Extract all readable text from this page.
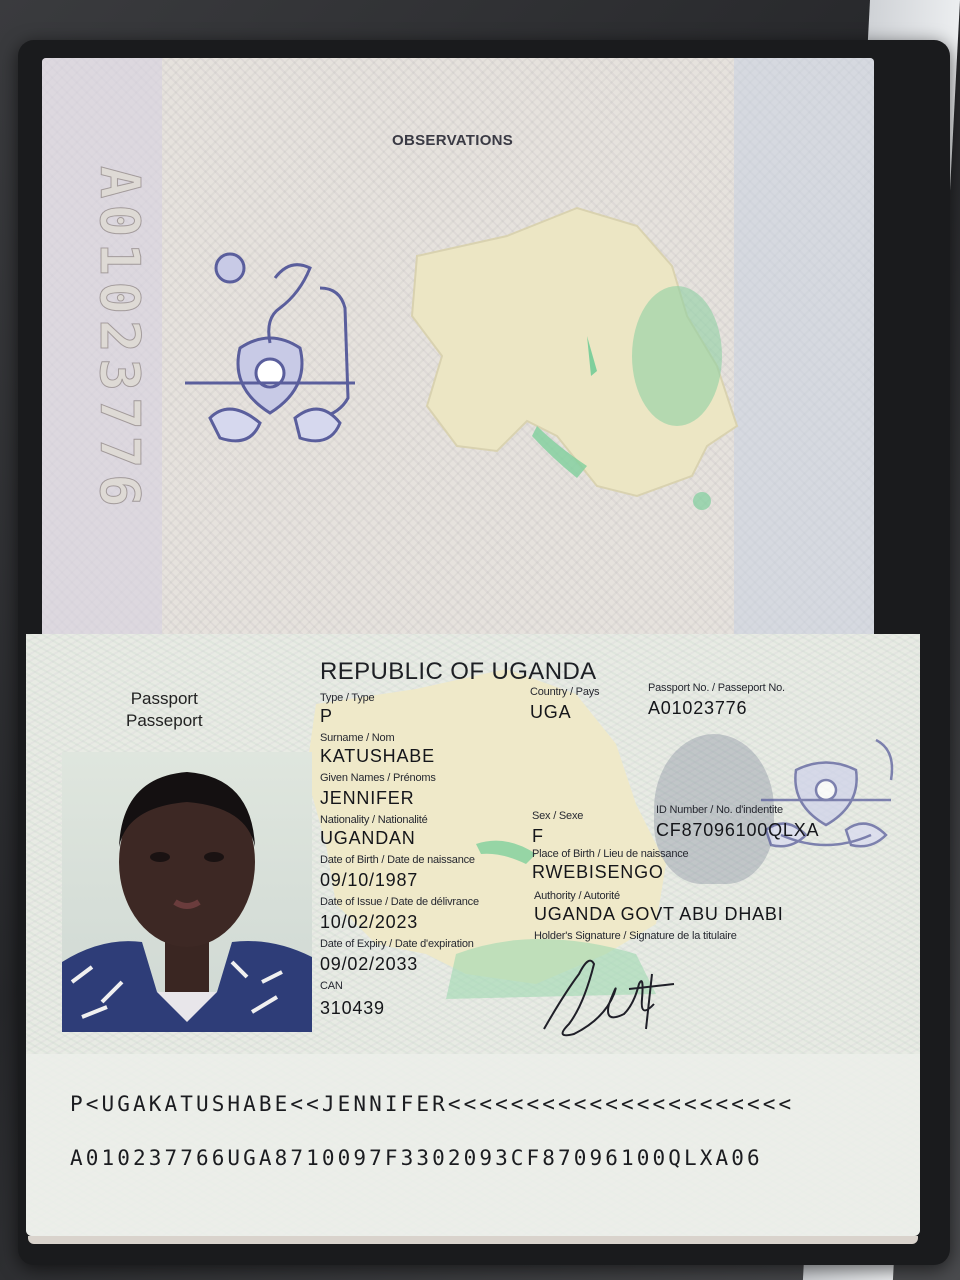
A01023776
OBSERVATIONS
REPUBLIC OF UGANDA
Passport
Passeport
Type / Type
P
Country / Pays
UGA
Passport No. / Passeport No.
A01023776
Surname / Nom
KATUSHABE
Given Names / Prénoms
JENNIFER
Nationality / Nationalité
UGANDAN
Sex / Sexe
F
ID Number / No. d'indentite
CF87096100QLXA
Date of Birth / Date de naissance
09/10/1987
Place of Birth / Lieu de naissance
RWEBISENGO
Date of Issue / Date de délivrance
10/02/2023
Authority / Autorité
UGANDA GOVT ABU DHABI
Date of Expiry / Date d'expiration
09/02/2033
Holder's Signature / Signature de la titulaire
CAN
310439
P<UGAKATUSHABE<<JENNIFER<<<<<<<<<<<<<<<<<<<<<<
A010237766UGA8710097F3302093CF87096100QLXA06
